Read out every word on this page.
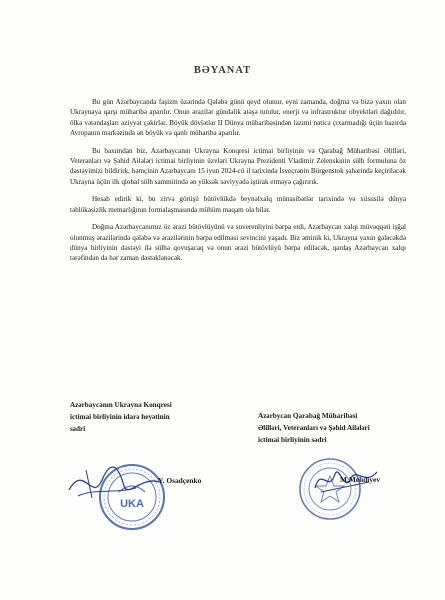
BƏYANAT

Bu gün Azərbaycanda faşizm üzərində Qələbə günü qeyd olunur, eyni zamanda, doğma və bizə yaxın olan Ukraynaya qarşı müharibə aparılır. Onun ərazilər gündəlik atəşə tutulur, enerji və infrastruktur obyektləri dağıdılır, ölkə vətəndaşları əziyyət çəkirlər. Böyük dövlətlər II Dünya müharibəsindən lazımi nəticə çıxarmadığı üçün hazırda Avropanın mərkəzində ən böyük və qanlı müharibə aparılır.

Bu baxımdan biz, Azərbaycanın Ukrayna Konqresi ictimai birliyinin və Qarabağ Müharibəsi Əlilləri, Veteranları və Şəhid Ailələri ictimai birliyinin üzvləri Ukrayna Prezidenti Vladimir Zelenskinin sülh formuluna öz dəstəyimizi bildirirk, həmçinin Azərbaycanı 15 iyun 2024-cü il tarixində İsveçrənin Bürgenstok şəhərində keçiriləcək Ukrayna üçün ilk qlobal sülh sammitində ən yüksək səviyyədə iştirak etməyə çağırırık.

Hesab edirik ki, bu zirvə görüşü bütövlükdə beynəlxalq münasibətlər tarixində və xüsusilə dünya təhlükəsizlik memarlığının formalaşmasında mühüm məqam ola bilər.

Doğma Azərbaycanımız öz ərazi bütövlüyünü və suverenliyini bərpa etdi, Azərbaycan xalqı müvəqqəti işğal olunmuş ərazilərində qələbə və ərazilərinin bərpa edilməsi sevincini yaşadı. Biz əminik ki, Ukrayna yaxın gələcəkdə dünya birliyinin dəstəyi ilə sülhə qovuşacaq və onun ərazi bütövlüyü bərpa ediləcək, qardaş Azərbaycan xalqı tərəfindən də hər zaman dəstəklənəcək.

Azərbaycanın Ukrayna Konqresi
ictimai birliyinin idarə heyətinin
sədri
UKA
Y. Osadçenko
Azərbycan Qarabağ Müharibəsi
Əlilləri, Veteranları və Şəhid Ailələri
ictimai birliyinin sədri
M.Mehdiyev
